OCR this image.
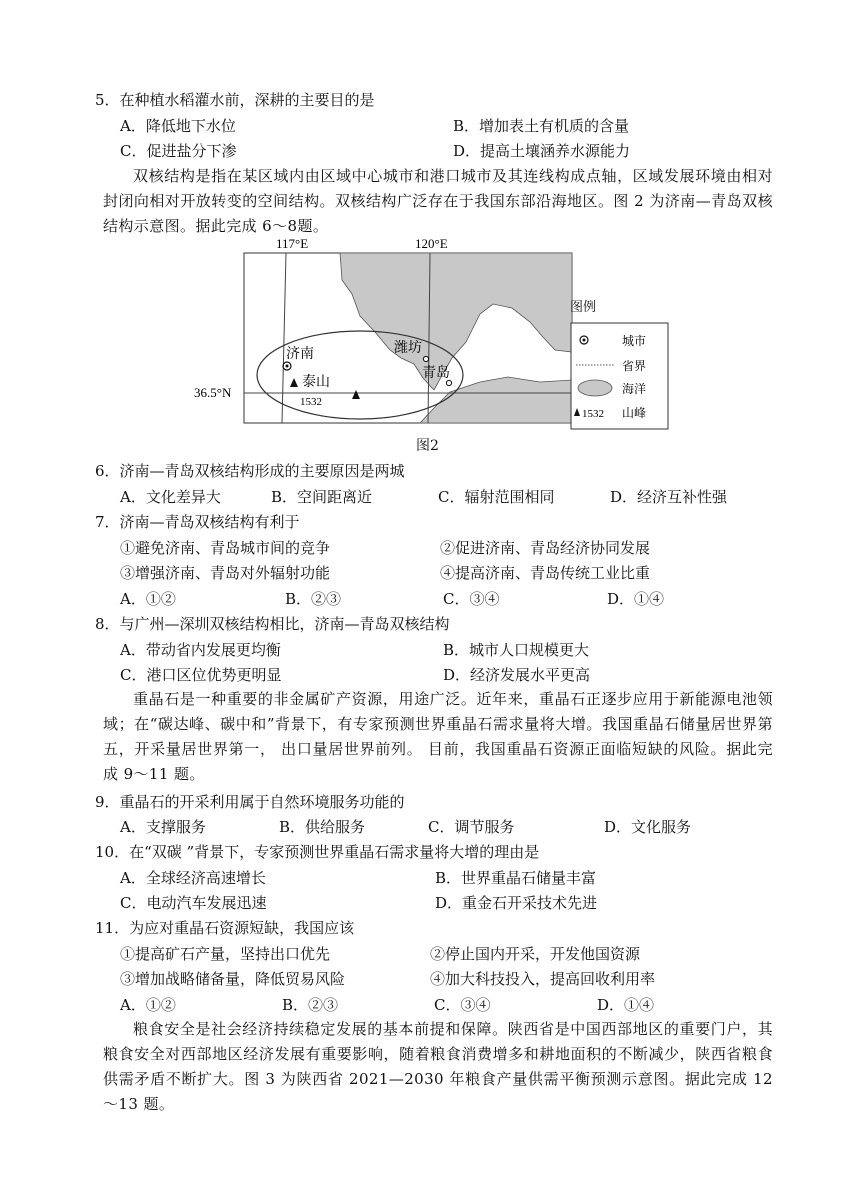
5．在种植水稻灌水前，深耕的主要目的是
A．降低地下水位	B．增加表土有机质的含量
C．促进盐分下渗	D．提高土壤涵养水源能力
双核结构是指在某区域内由区域中心城市和港口城市及其连线构成点轴，区域发展环境由相对封闭向相对开放转变的空间结构。双核结构广泛存在于我国东部沿海地区。图 2 为济南—青岛双核结构示意图。据此完成 6～8题。
117°E	120°E
36.5°N
济南	潍坊
青岛
泰山
1532
城市
省界
海洋
1532 山峰
图例
图2
6．济南—青岛双核结构形成的主要原因是两城
A．文化差异大	B．空间距离近	C．辐射范围相同	D．经济互补性强
7．济南—青岛双核结构有利于
①避免济南、青岛城市间的竞争	②促进济南、青岛经济协同发展
③增强济南、青岛对外辐射功能	④提高济南、青岛传统工业比重
A．①②	B．②③	C．③④	D．①④
8．与广州—深圳双核结构相比，济南—青岛双核结构
A．带动省内发展更均衡	B．城市人口规模更大
C．港口区位优势更明显	D．经济发展水平更高
重晶石是一种重要的非金属矿产资源，用途广泛。近年来，重晶石正逐步应用于新能源电池领域；在“碳达峰、碳中和”背景下，有专家预测世界重晶石需求量将大增。我国重晶石储量居世界第五，开采量居世界第一， 出口量居世界前列。 目前，我国重晶石资源正面临短缺的风险。据此完成 9～11 题。
9．重晶石的开采利用属于自然环境服务功能的
A．支撑服务	B．供给服务	C．调节服务	D．文化服务
10．在“双碳 ”背景下，专家预测世界重晶石需求量将大增的理由是
A．全球经济高速增长	B．世界重晶石储量丰富
C．电动汽车发展迅速	D．重金石开采技术先进
11．为应对重晶石资源短缺，我国应该
①提高矿石产量，坚持出口优先	②停止国内开采，开发他国资源
③增加战略储备量，降低贸易风险	④加大科技投入，提高回收利用率
A．①②	B．②③	C．③④	D．①④
粮食安全是社会经济持续稳定发展的基本前提和保障。陕西省是中国西部地区的重要门户，其粮食安全对西部地区经济发展有重要影响，随着粮食消费增多和耕地面积的不断减少，陕西省粮食供需矛盾不断扩大。图 3 为陕西省 2021—2030 年粮食产量供需平衡预测示意图。据此完成 12～13 题。
